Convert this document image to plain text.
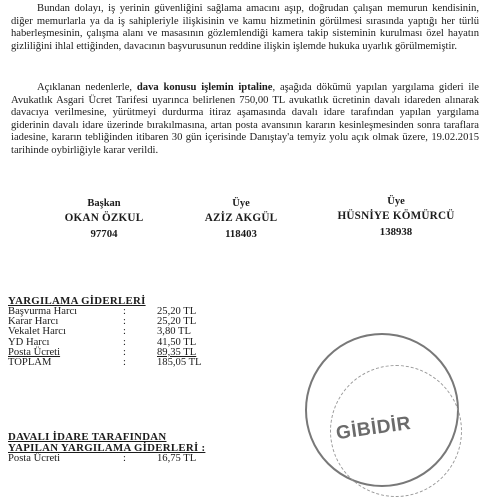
Bundan dolayı, iş yerinin güvenliğini sağlama amacını aşıp, doğrudan çalışan memurun kendisinin, diğer memurlarla ya da iş sahipleriyle ilişkisinin ve kamu hizmetinin görülmesi sırasında yaptığı her türlü haberleşmesinin, çalışma alanı ve masasının gözlemlendiği kamera takip sisteminin kurulması özel hayatın gizliliğini ihlal ettiğinden, davacının başvurusunun reddine ilişkin işlemde hukuka uyarlık görülmemiştir.

Açıklanan nedenlerle, dava konusu işlemin iptaline, aşağıda dökümü yapılan yargılama gideri ile Avukatlık Asgari Ücret Tarifesi uyarınca belirlenen 750,00 TL avukatlık ücretinin davalı idareden alınarak davacıya verilmesine, yürütmeyi durdurma itiraz aşamasında davalı idare tarafından yapılan yargılama giderinin davalı idare üzerinde bırakılmasına, artan posta avansının kararın kesinleşmesinden sonra taraflara iadesine, kararın tebliğinden itibaren 30 gün içerisinde Danıştay'a temyiz yolu açık olmak üzere, 19.02.2015 tarihinde oybirliğiyle karar verildi.

Başkan
OKAN ÖZKUL
97704
Üye
AZİZ AKGÜL
118403
Üye
HÜSNİYE KÖMÜRCÜ
138938
YARGILAMA GİDERLERİ
Başvurma Harcı	:	25,20 TL
Karar Harcı	:	25,20 TL
Vekalet Harcı	:	3,80 TL
YD Harcı	:	41,50 TL
Posta Ücreti	:	89,35 TL
TOPLAM	:	185,05 TL
GİBİDİR
DAVALI İDARE TARAFINDAN
YAPILAN YARGILAMA GİDERLERİ :
Posta Ücreti	:	16,75 TL
